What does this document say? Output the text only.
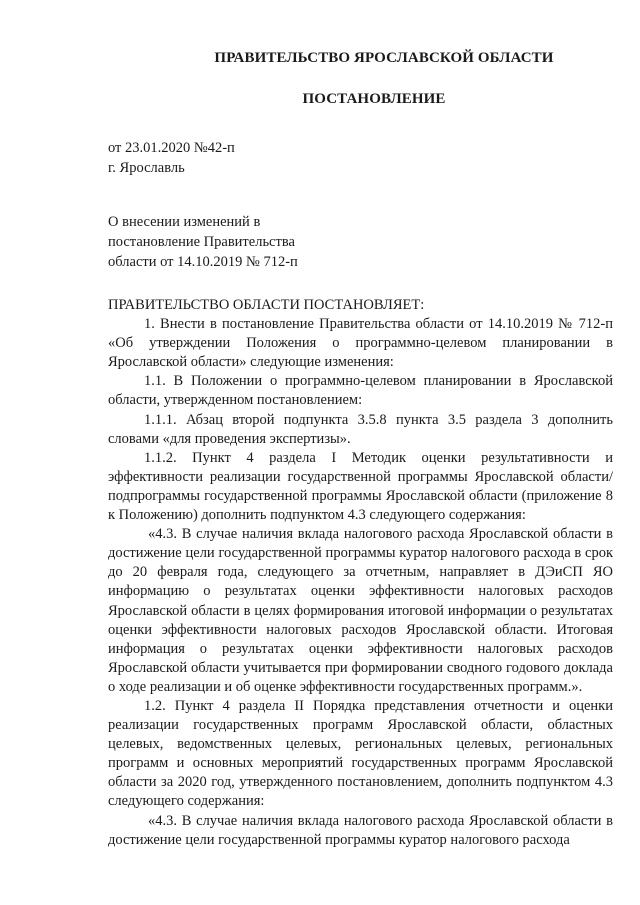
ПРАВИТЕЛЬСТВО ЯРОСЛАВСКОЙ ОБЛАСТИ
ПОСТАНОВЛЕНИЕ
от 23.01.2020 №42-п
г. Ярославль
О внесении изменений в
постановление Правительства
области от 14.10.2019 № 712-п

ПРАВИТЕЛЬСТВО ОБЛАСТИ ПОСТАНОВЛЯЕТ:

1. Внести в постановление Правительства области от 14.10.2019 № 712-п «Об утверждении Положения о программно-целевом планировании в Ярославской области» следующие изменения:

1.1. В Положении о программно-целевом планировании в Ярославской области, утвержденном постановлением:

1.1.1. Абзац второй подпункта 3.5.8 пункта 3.5 раздела 3 дополнить словами «для проведения экспертизы».

1.1.2. Пункт 4 раздела I Методик оценки результативности и эффективности реализации государственной программы Ярославской области/ подпрограммы государственной программы Ярославской области (приложение 8 к Положению) дополнить подпунктом 4.3 следующего содержания:

«4.3. В случае наличия вклада налогового расхода Ярославской области в достижение цели государственной программы куратор налогового расхода в срок до 20 февраля года, следующего за отчетным, направляет в ДЭиСП ЯО информацию о результатах оценки эффективности налоговых расходов Ярославской области в целях формирования итоговой информации о результатах оценки эффективности налоговых расходов Ярославской области. Итоговая информация о результатах оценки эффективности налоговых расходов Ярославской области учитывается при формировании сводного годового доклада о ходе реализации и об оценке эффективности государственных программ.».

1.2. Пункт 4 раздела II Порядка представления отчетности и оценки реализации государственных программ Ярославской области, областных целевых, ведомственных целевых, региональных целевых, региональных программ и основных мероприятий государственных программ Ярославской области за 2020 год, утвержденного постановлением, дополнить подпунктом 4.3 следующего содержания:

«4.3. В случае наличия вклада налогового расхода Ярославской области в достижение цели государственной программы куратор налогового расхода
